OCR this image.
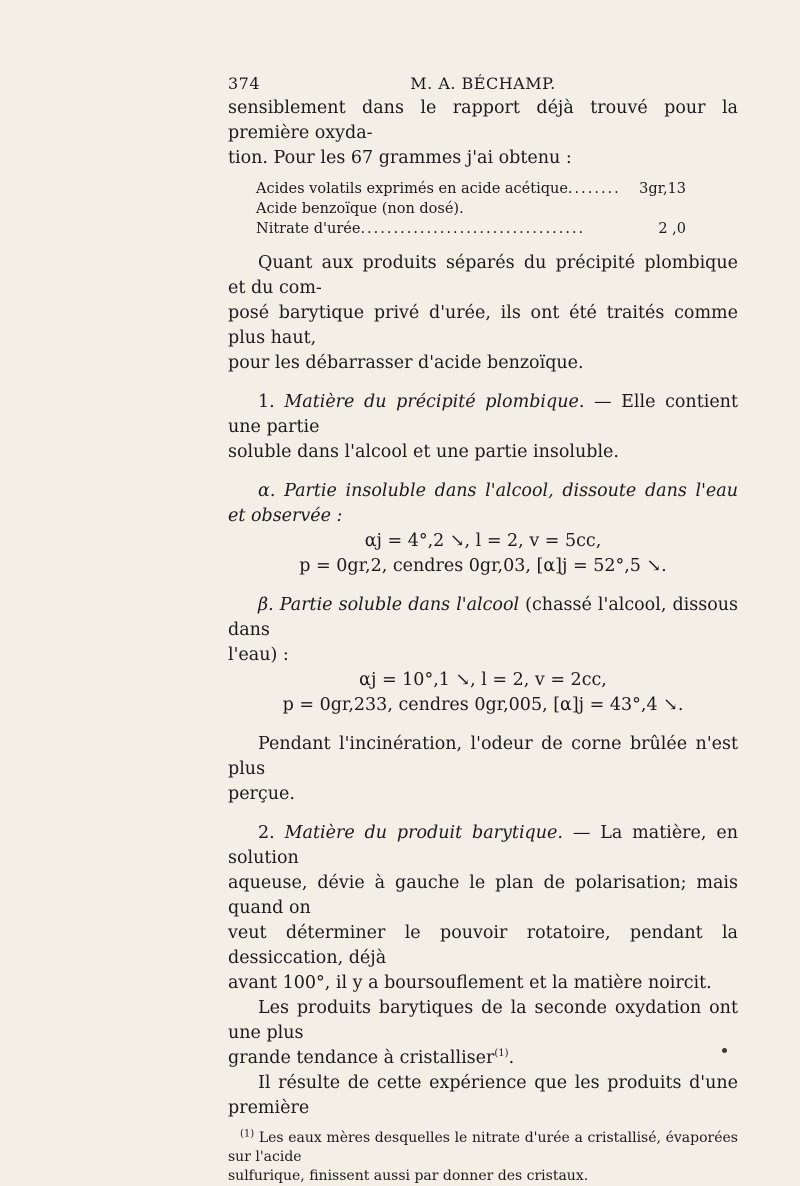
374	M. A. BÉCHAMP.

sensiblement dans le rapport déjà trouvé pour la première oxyda-

tion. Pour les 67 grammes j'ai obtenu :

Acides volatils exprimés en acide acétique ........	3gr,13
Acide benzoïque (non dosé).
Nitrate d'urée ..................................	2 ,0

Quant aux produits séparés du précipité plombique et du com-

posé barytique privé d'urée, ils ont été traités comme plus haut,

pour les débarrasser d'acide benzoïque.

1. Matière du précipité plombique. — Elle contient une partie

soluble dans l'alcool et une partie insoluble.

α. Partie insoluble dans l'alcool, dissoute dans l'eau et observée :

αj = 4°,2 ↘, l = 2, v = 5cc,

p = 0gr,2, cendres 0gr,03, [α]j = 52°,5 ↘.

β. Partie soluble dans l'alcool (chassé l'alcool, dissous dans

l'eau) :

αj = 10°,1 ↘, l = 2, v = 2cc,

p = 0gr,233, cendres 0gr,005, [α]j = 43°,4 ↘.

Pendant l'incinération, l'odeur de corne brûlée n'est plus

perçue.

2. Matière du produit barytique. — La matière, en solution

aqueuse, dévie à gauche le plan de polarisation; mais quand on

veut déterminer le pouvoir rotatoire, pendant la dessiccation, déjà

avant 100°, il y a boursouflement et la matière noircit.

Les produits barytiques de la seconde oxydation ont une plus

grande tendance à cristalliser$^{(1)}$.

Il résulte de cette expérience que les produits d'une première

$^{(1)}$ Les eaux mères desquelles le nitrate d'urée a cristallisé, évaporées sur l'acide

sulfurique, finissent aussi par donner des cristaux.
